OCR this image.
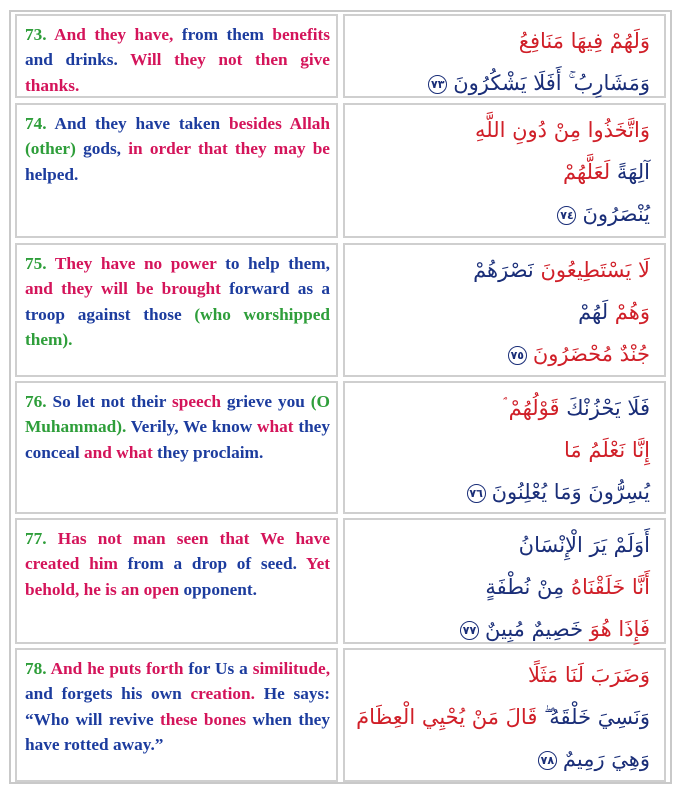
73. And they have, from them benefits and drinks. Will they not then give thanks.
وَلَهُمْ فِيهَا مَنَافِعُ
وَمَشَارِبُ ۚ أَفَلَا يَشْكُرُونَ٧٣
74. And they have taken besides Allah (other) gods, in order that they may be helped.
وَاتَّخَذُوا مِنْ دُونِ اللَّهِ
آلِهَةً لَعَلَّهُمْ
يُنْصَرُونَ٧٤
75. They have no power to help them, and they will be brought forward as a troop against those (who worshipped them).
لَا يَسْتَطِيعُونَ نَصْرَهُمْ
وَهُمْ لَهُمْ
جُنْدٌ مُحْضَرُونَ٧٥
76. So let not their speech grieve you (O Muhammad). Verily, We know what they conceal and what they proclaim.
فَلَا يَحْزُنْكَ قَوْلُهُمْ ۘ
إِنَّا نَعْلَمُ مَا
يُسِرُّونَ وَمَا يُعْلِنُونَ٧٦
77. Has not man seen that We have created him from a drop of seed. Yet behold, he is an open opponent.
أَوَلَمْ يَرَ الْإِنْسَانُ
أَنَّا خَلَقْنَاهُ مِنْ نُطْفَةٍ
فَإِذَا هُوَ خَصِيمٌ مُبِينٌ٧٧
78. And he puts forth for Us a similitude, and forgets his own creation. He says: “Who will revive these bones when they have rotted away.”
وَضَرَبَ لَنَا مَثَلًا
وَنَسِيَ خَلْقَهُ ۖ قَالَ مَنْ يُحْيِي الْعِظَامَ
وَهِيَ رَمِيمٌ٧٨
